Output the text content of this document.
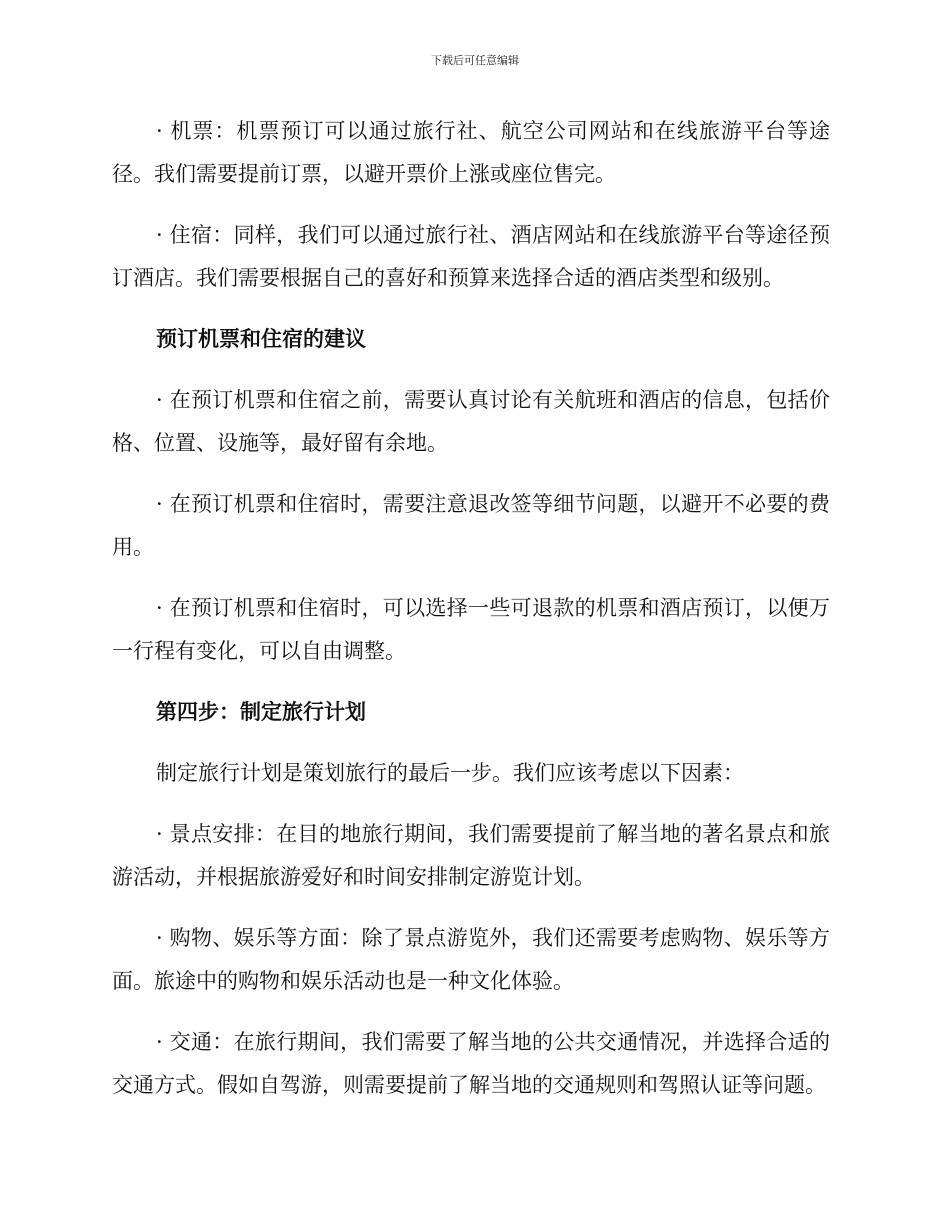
下载后可任意编辑

· 机票：机票预订可以通过旅行社、航空公司网站和在线旅游平台等途径。我们需要提前订票，以避开票价上涨或座位售完。

· 住宿：同样，我们可以通过旅行社、酒店网站和在线旅游平台等途径预订酒店。我们需要根据自己的喜好和预算来选择合适的酒店类型和级别。

预订机票和住宿的建议

· 在预订机票和住宿之前，需要认真讨论有关航班和酒店的信息，包括价格、位置、设施等，最好留有余地。

· 在预订机票和住宿时，需要注意退改签等细节问题，以避开不必要的费用。

· 在预订机票和住宿时，可以选择一些可退款的机票和酒店预订，以便万一行程有变化，可以自由调整。

第四步：制定旅行计划

制定旅行计划是策划旅行的最后一步。我们应该考虑以下因素：

· 景点安排：在目的地旅行期间，我们需要提前了解当地的著名景点和旅游活动，并根据旅游爱好和时间安排制定游览计划。

· 购物、娱乐等方面：除了景点游览外，我们还需要考虑购物、娱乐等方面。旅途中的购物和娱乐活动也是一种文化体验。

· 交通：在旅行期间，我们需要了解当地的公共交通情况，并选择合适的交通方式。假如自驾游，则需要提前了解当地的交通规则和驾照认证等问题。
